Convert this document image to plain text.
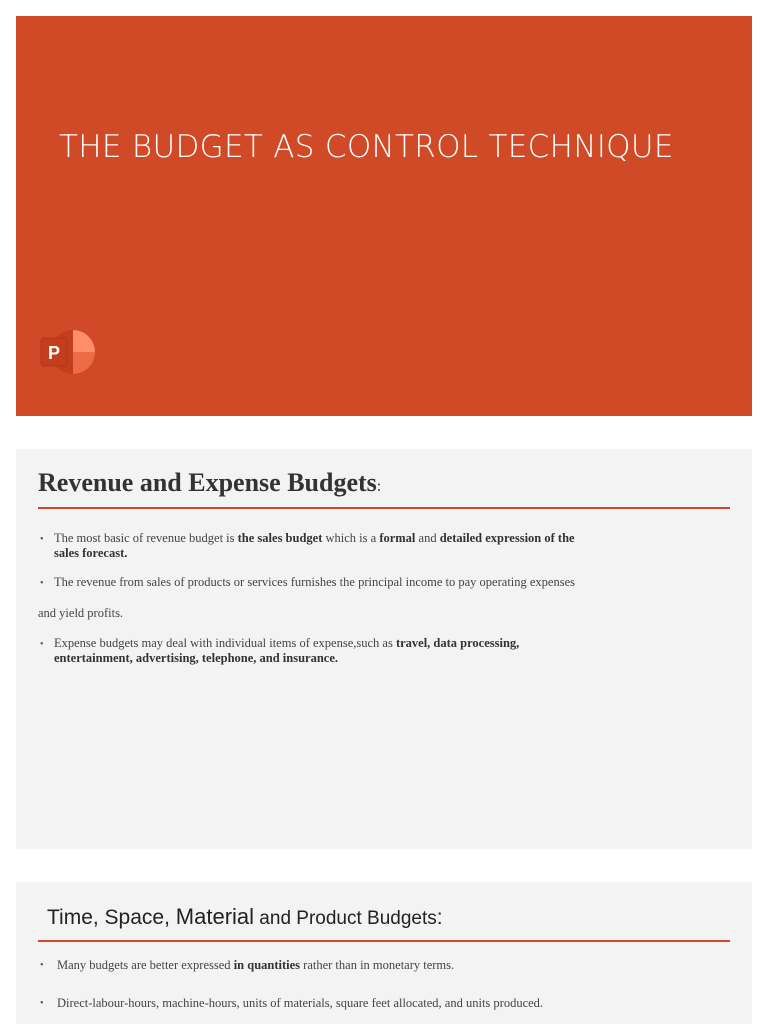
THE BUDGET AS CONTROL TECHNIQUE
P
Revenue and Expense Budgets:
• The most basic of revenue budget is the sales budget which is a formal and detailed expression of the
sales forecast.
• The revenue from sales of products or services furnishes the principal income to pay operating expenses
and yield profits.
• Expense budgets may deal with individual items of expense,such as travel, data processing,
entertainment, advertising, telephone, and insurance.
Time, Space, Material and Product Budgets:
• Many budgets are better expressed in quantities rather than in monetary terms.
• Direct-labour-hours, machine-hours, units of materials, square feet allocated, and units produced.
